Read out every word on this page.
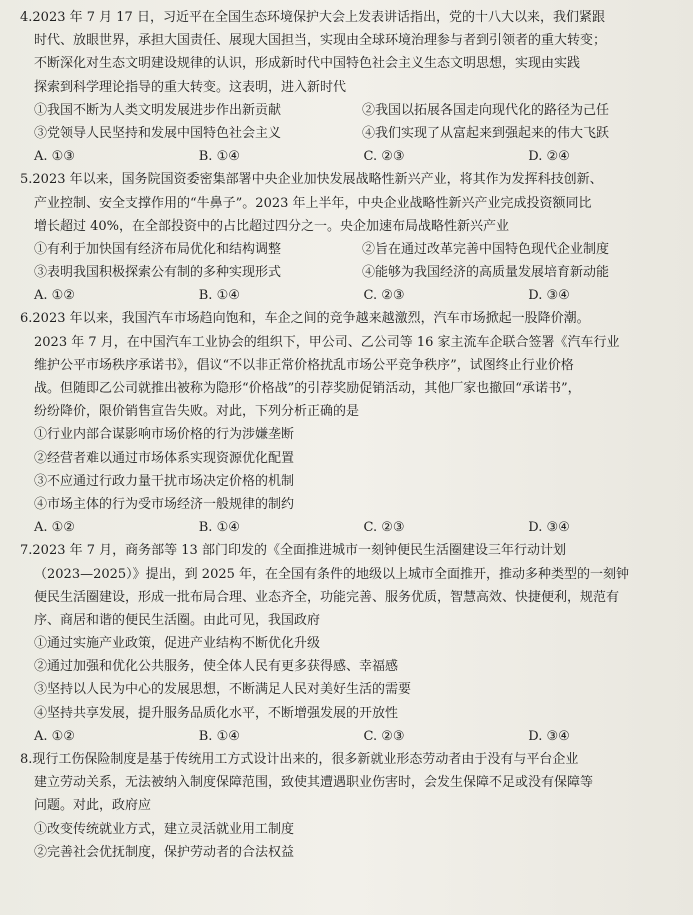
4.2023 年 7 月 17 日，习近平在全国生态环境保护大会上发表讲话指出，党的十八大以来，我们紧跟
时代、放眼世界，承担大国责任、展现大国担当，实现由全球环境治理参与者到引领者的重大转变；
不断深化对生态文明建设规律的认识，形成新时代中国特色社会主义生态文明思想，实现由实践
探索到科学理论指导的重大转变。这表明，进入新时代
①我国不断为人类文明发展进步作出新贡献	②我国以拓展各国走向现代化的路径为己任
③党领导人民坚持和发展中国特色社会主义	④我们实现了从富起来到强起来的伟大飞跃
A. ①③	B. ①④	C. ②③	D. ②④
5.2023 年以来，国务院国资委密集部署中央企业加快发展战略性新兴产业，将其作为发挥科技创新、
产业控制、安全支撑作用的“牛鼻子”。2023 年上半年，中央企业战略性新兴产业完成投资额同比
增长超过 40%，在全部投资中的占比超过四分之一。央企加速布局战略性新兴产业
①有利于加快国有经济布局优化和结构调整	②旨在通过改革完善中国特色现代企业制度
③表明我国积极探索公有制的多种实现形式	④能够为我国经济的高质量发展培育新动能
A. ①②	B. ①④	C. ②③	D. ③④
6.2023 年以来，我国汽车市场趋向饱和，车企之间的竞争越来越激烈，汽车市场掀起一股降价潮。
2023 年 7 月，在中国汽车工业协会的组织下，甲公司、乙公司等 16 家主流车企联合签署《汽车行业
维护公平市场秩序承诺书》，倡议“不以非正常价格扰乱市场公平竞争秩序”，试图终止行业价格
战。但随即乙公司就推出被称为隐形“价格战”的引荐奖励促销活动，其他厂家也撤回“承诺书”，
纷纷降价，限价销售宣告失败。对此，下列分析正确的是
①行业内部合谋影响市场价格的行为涉嫌垄断
②经营者难以通过市场体系实现资源优化配置
③不应通过行政力量干扰市场决定价格的机制
④市场主体的行为受市场经济一般规律的制约
A. ①②	B. ①④	C. ②③	D. ③④
7.2023 年 7 月，商务部等 13 部门印发的《全面推进城市一刻钟便民生活圈建设三年行动计划
（2023—2025）》提出，到 2025 年，在全国有条件的地级以上城市全面推开，推动多种类型的一刻钟
便民生活圈建设，形成一批布局合理、业态齐全，功能完善、服务优质，智慧高效、快捷便利，规范有
序、商居和谐的便民生活圈。由此可见，我国政府
①通过实施产业政策，促进产业结构不断优化升级
②通过加强和优化公共服务，使全体人民有更多获得感、幸福感
③坚持以人民为中心的发展思想，不断满足人民对美好生活的需要
④坚持共享发展，提升服务品质化水平，不断增强发展的开放性
A. ①②	B. ①④	C. ②③	D. ③④
8.现行工伤保险制度是基于传统用工方式设计出来的，很多新就业形态劳动者由于没有与平台企业
建立劳动关系，无法被纳入制度保障范围，致使其遭遇职业伤害时，会发生保障不足或没有保障等
问题。对此，政府应
①改变传统就业方式，建立灵活就业用工制度
②完善社会优抚制度，保护劳动者的合法权益
